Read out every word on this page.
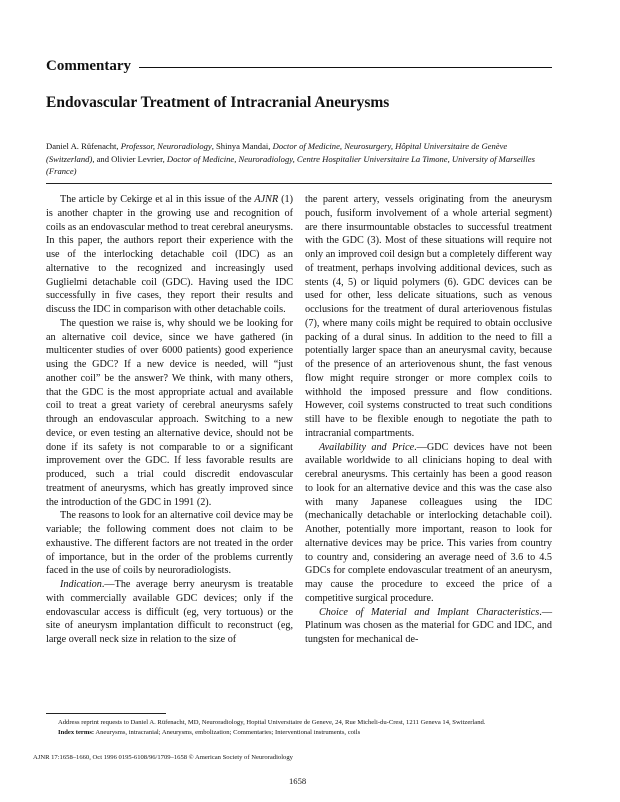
Commentary
Endovascular Treatment of Intracranial Aneurysms
Daniel A. Rüfenacht, Professor, Neuroradiology, Shinya Mandai, Doctor of Medicine, Neurosurgery, Hôpital Universitaire de Genève (Switzerland), and Olivier Levrier, Doctor of Medicine, Neuroradiology, Centre Hospitalier Universitaire La Timone, University of Marseilles (France)

The article by Cekirge et al in this issue of the AJNR (1) is another chapter in the growing use and recognition of coils as an endovascular method to treat cerebral aneurysms. In this paper, the authors report their experience with the use of the interlocking detachable coil (IDC) as an alternative to the recognized and increasingly used Guglielmi detachable coil (GDC). Having used the IDC successfully in five cases, they report their results and discuss the IDC in comparison with other detachable coils.

The question we raise is, why should we be looking for an alternative coil device, since we have gathered (in multicenter studies of over 6000 patients) good experience using the GDC? If a new device is needed, will “just another coil” be the answer? We think, with many others, that the GDC is the most appropriate actual and available coil to treat a great variety of cerebral aneurysms safely through an endovascular approach. Switching to a new device, or even testing an alternative device, should not be done if its safety is not comparable to or a significant improvement over the GDC. If less favorable results are produced, such a trial could discredit endovascular treatment of aneurysms, which has greatly improved since the introduction of the GDC in 1991 (2).

The reasons to look for an alternative coil device may be variable; the following comment does not claim to be exhaustive. The different factors are not treated in the order of importance, but in the order of the problems currently faced in the use of coils by neuroradiologists.

Indication.—The average berry aneurysm is treatable with commercially available GDC devices; only if the endovascular access is difficult (eg, very tortuous) or the site of aneurysm implantation difficult to reconstruct (eg, large overall neck size in relation to the size of

the parent artery, vessels originating from the aneurysm pouch, fusiform involvement of a whole arterial segment) are there insurmountable obstacles to successful treatment with the GDC (3). Most of these situations will require not only an improved coil design but a completely different way of treatment, perhaps involving additional devices, such as stents (4, 5) or liquid polymers (6). GDC devices can be used for other, less delicate situations, such as venous occlusions for the treatment of dural arteriovenous fistulas (7), where many coils might be required to obtain occlusive packing of a dural sinus. In addition to the need to fill a potentially larger space than an aneurysmal cavity, because of the presence of an arteriovenous shunt, the fast venous flow might require stronger or more complex coils to withhold the imposed pressure and flow conditions. However, coil systems constructed to treat such conditions still have to be flexible enough to negotiate the path to intracranial compartments.

Availability and Price.—GDC devices have not been available worldwide to all clinicians hoping to deal with cerebral aneurysms. This certainly has been a good reason to look for an alternative device and this was the case also with many Japanese colleagues using the IDC (mechanically detachable or interlocking detachable coil). Another, potentially more important, reason to look for alternative devices may be price. This varies from country to country and, considering an average need of 3.6 to 4.5 GDCs for complete endovascular treatment of an aneurysm, may cause the procedure to exceed the price of a competitive surgical procedure.

Choice of Material and Implant Characteristics.—Platinum was chosen as the material for GDC and IDC, and tungsten for mechanical de-

Address reprint requests to Daniel A. Rüfenacht, MD, Neuroradiology, Hopital Universitaire de Geneve, 24, Rue Micheli-du-Crest, 1211 Geneva 14, Switzerland.
Index terms: Aneurysms, intracranial; Aneurysms, embolization; Commentaries; Interventional instruments, coils
AJNR 17:1658–1660, Oct 1996 0195-6108/96/1709–1658 © American Society of Neuroradiology
1658
